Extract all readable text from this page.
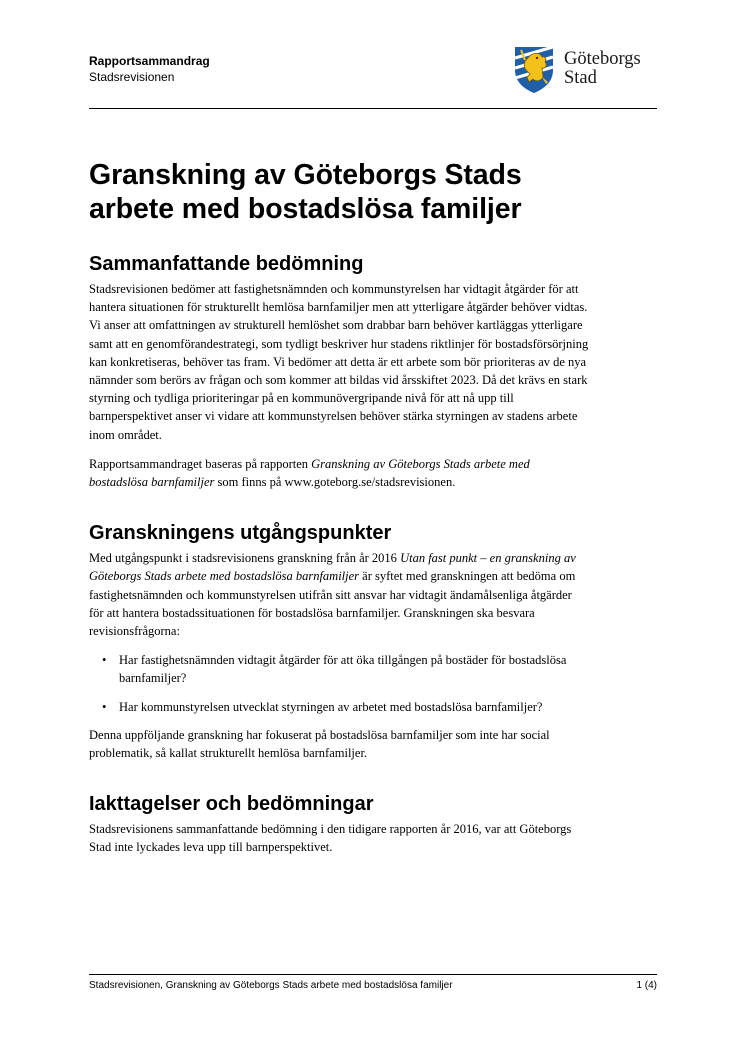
Rapportsammandrag
Stadsrevisionen
Göteborgs
Stad
Granskning av Göteborgs Stads arbete med bostadslösa familjer
Sammanfattande bedömning

Stadsrevisionen bedömer att fastighetsnämnden och kommunstyrelsen har vidtagit åtgärder för att hantera situationen för strukturellt hemlösa barnfamiljer men att ytterligare åtgärder behöver vidtas. Vi anser att omfattningen av strukturell hemlöshet som drabbar barn behöver kartläggas ytterligare samt att en genomförandestrategi, som tydligt beskriver hur stadens riktlinjer för bostadsförsörjning kan konkretiseras, behöver tas fram. Vi bedömer att detta är ett arbete som bör prioriteras av de nya nämnder som berörs av frågan och som kommer att bildas vid årsskiftet 2023. Då det krävs en stark styrning och tydliga prioriteringar på en kommunövergripande nivå för att nå upp till barnperspektivet anser vi vidare att kommunstyrelsen behöver stärka styrningen av stadens arbete inom området.

Rapportsammandraget baseras på rapporten Granskning av Göteborgs Stads arbete med bostadslösa barnfamiljer som finns på www.goteborg.se/stadsrevisionen.

Granskningens utgångspunkter

Med utgångspunkt i stadsrevisionens granskning från år 2016 Utan fast punkt – en granskning av Göteborgs Stads arbete med bostadslösa barnfamiljer är syftet med granskningen att bedöma om fastighetsnämnden och kommunstyrelsen utifrån sitt ansvar har vidtagit ändamålsenliga åtgärder för att hantera bostadssituationen för bostadslösa barnfamiljer. Granskningen ska besvara revisionsfrågorna:

• Har fastighetsnämnden vidtagit åtgärder för att öka tillgången på bostäder för bostadslösa barnfamiljer?
• Har kommunstyrelsen utvecklat styrningen av arbetet med bostadslösa barnfamiljer?

Denna uppföljande granskning har fokuserat på bostadslösa barnfamiljer som inte har social problematik, så kallat strukturellt hemlösa barnfamiljer.

Iakttagelser och bedömningar

Stadsrevisionens sammanfattande bedömning i den tidigare rapporten år 2016, var att Göteborgs Stad inte lyckades leva upp till barnperspektivet.

Stadsrevisionen, Granskning av Göteborgs Stads arbete med bostadslösa familjer	1 (4)
